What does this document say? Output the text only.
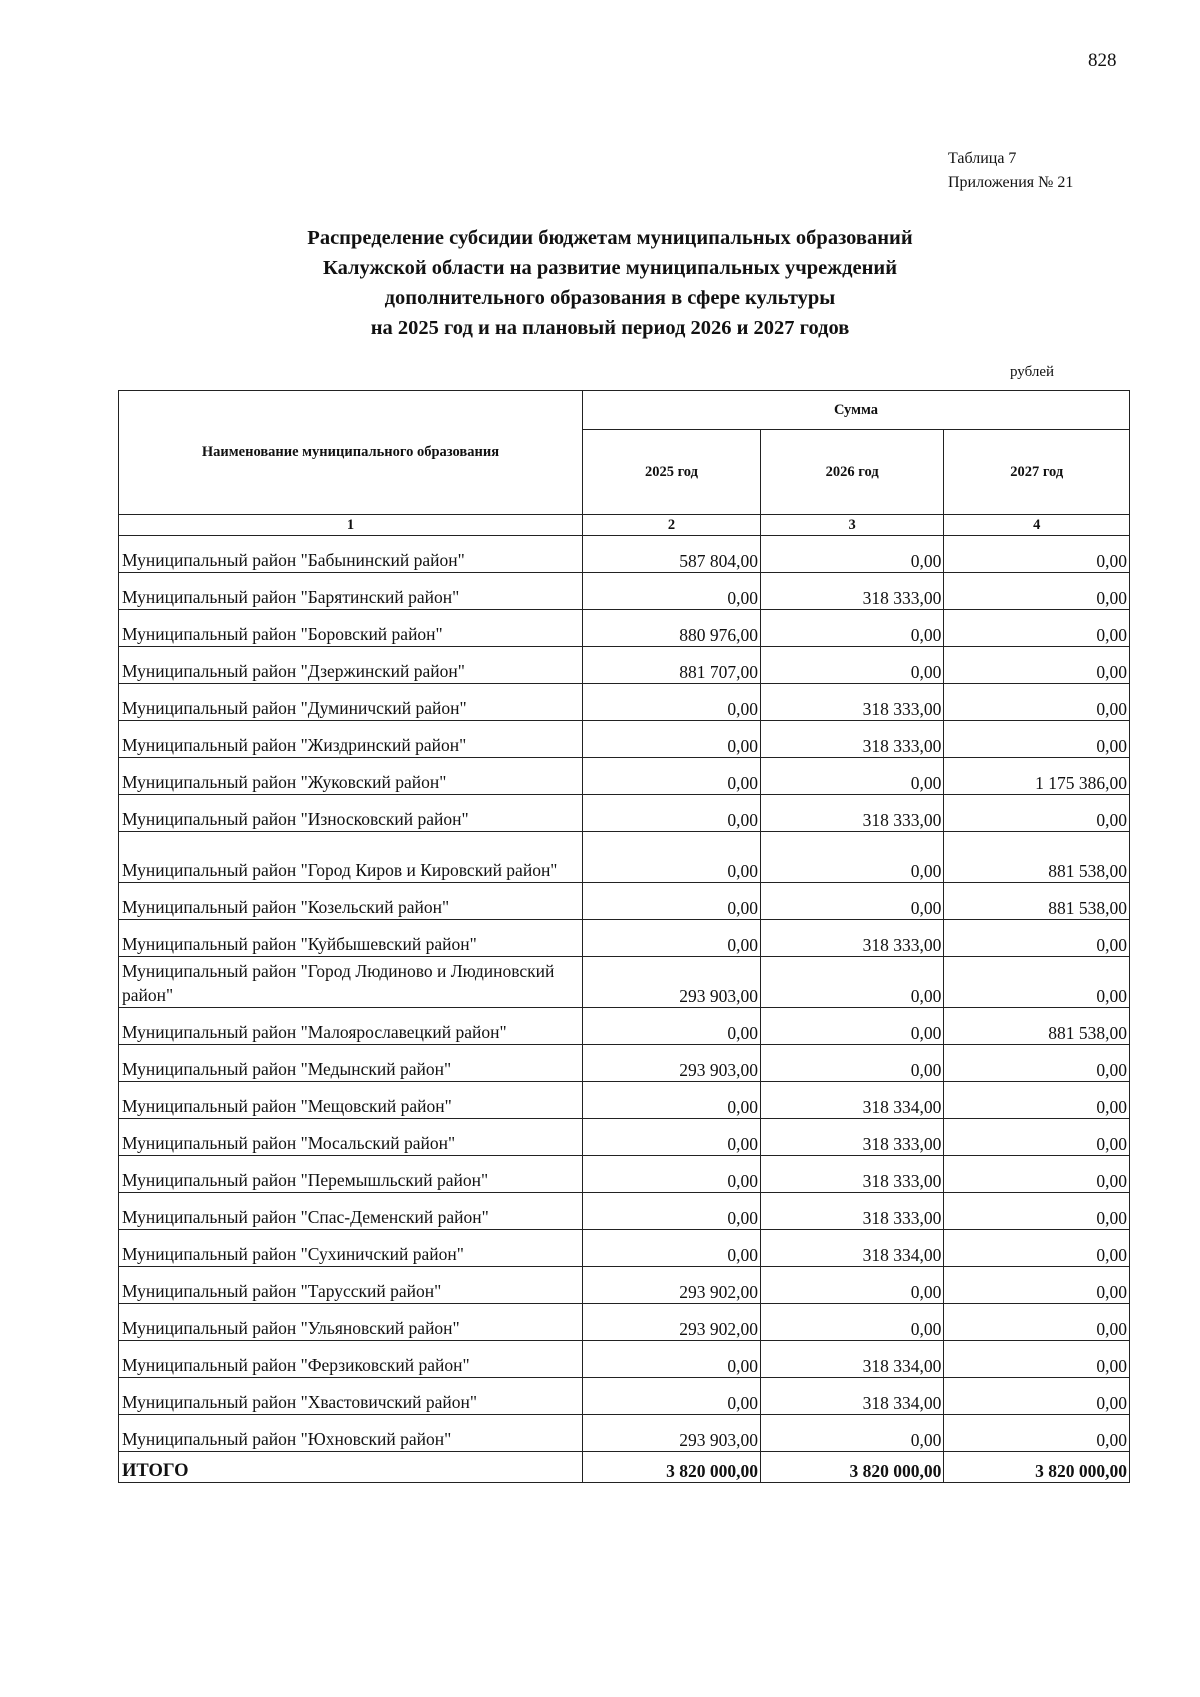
828
Таблица 7
Приложения № 21
Распределение субсидии бюджетам муниципальных образований
Калужской области на развитие муниципальных учреждений
дополнительного образования в сфере культуры
на 2025 год и на плановый период 2026 и 2027 годов
рублей
Наименование муниципального образования	Сумма		
	2025 год	2026 год	2027 год
1	2	3	4
Муниципальный район "Бабынинский район"	587 804,00	0,00	0,00
Муниципальный район "Барятинский район"	0,00	318 333,00	0,00
Муниципальный район "Боровский район"	880 976,00	0,00	0,00
Муниципальный район "Дзержинский район"	881 707,00	0,00	0,00
Муниципальный район "Думиничский район"	0,00	318 333,00	0,00
Муниципальный район "Жиздринский район"	0,00	318 333,00	0,00
Муниципальный район "Жуковский район"	0,00	0,00	1 175 386,00
Муниципальный район "Износковский район"	0,00	318 333,00	0,00
Муниципальный район "Город Киров и Кировский район"	0,00	0,00	881 538,00
Муниципальный район "Козельский район"	0,00	0,00	881 538,00
Муниципальный район "Куйбышевский район"	0,00	318 333,00	0,00
Муниципальный район "Город Людиново и Людиновский район"	293 903,00	0,00	0,00
Муниципальный район "Малоярославецкий район"	0,00	0,00	881 538,00
Муниципальный район "Медынский район"	293 903,00	0,00	0,00
Муниципальный район "Мещовский район"	0,00	318 334,00	0,00
Муниципальный район "Мосальский район"	0,00	318 333,00	0,00
Муниципальный район "Перемышльский район"	0,00	318 333,00	0,00
Муниципальный район "Спас-Деменский район"	0,00	318 333,00	0,00
Муниципальный район "Сухиничский район"	0,00	318 334,00	0,00
Муниципальный район "Тарусский район"	293 902,00	0,00	0,00
Муниципальный район "Ульяновский район"	293 902,00	0,00	0,00
Муниципальный район "Ферзиковский район"	0,00	318 334,00	0,00
Муниципальный район "Хвастовичский район"	0,00	318 334,00	0,00
Муниципальный район "Юхновский район"	293 903,00	0,00	0,00
ИТОГО	3 820 000,00	3 820 000,00	3 820 000,00
